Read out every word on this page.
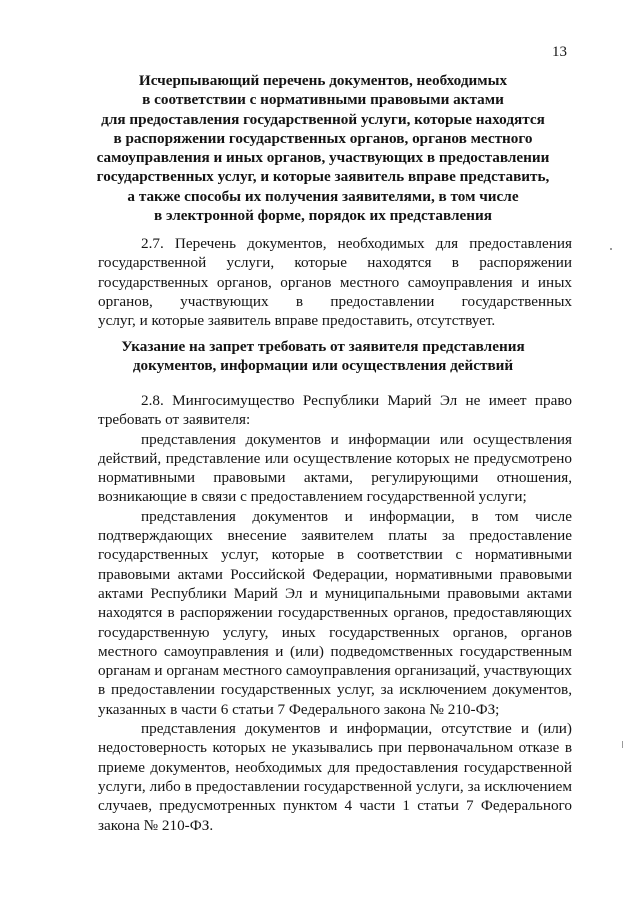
13
Исчерпывающий перечень документов, необходимых
в соответствии с нормативными правовыми актами
для предоставления государственной услуги, которые находятся
в распоряжении государственных органов, органов местного
самоуправления и иных органов, участвующих в предоставлении
государственных услуг, и которые заявитель вправе представить,
а также способы их получения заявителями, в том числе
в электронной форме, порядок их представления
2.7. Перечень документов, необходимых для предоставления
государственной услуги, которые находятся в распоряжении
государственных органов, органов местного самоуправления и иных
органов, участвующих в предоставлении государственных
услуг, и которые заявитель вправе предоставить, отсутствует.
Указание на запрет требовать от заявителя представления
документов, информации или осуществления действий
2.8. Мингосимущество Республики Марий Эл не имеет право
требовать от заявителя:
представления документов и информации или осуществления
действий, представление или осуществление которых не предусмотрено
нормативными правовыми актами, регулирующими отношения,
возникающие в связи с предоставлением государственной услуги;
представления документов и информации, в том числе
подтверждающих внесение заявителем платы за предоставление
государственных услуг, которые в соответствии с нормативными
правовыми актами Российской Федерации, нормативными правовыми
актами Республики Марий Эл и муниципальными правовыми актами
находятся в распоряжении государственных органов, предоставляющих
государственную услугу, иных государственных органов, органов
местного самоуправления и (или) подведомственных государственным
органам и органам местного самоуправления организаций, участвующих
в предоставлении государственных услуг, за исключением документов,
указанных в части 6 статьи 7 Федерального закона № 210-ФЗ;
представления документов и информации, отсутствие и (или)
недостоверность которых не указывались при первоначальном отказе в
приеме документов, необходимых для предоставления государственной
услуги, либо в предоставлении государственной услуги, за исключением
случаев, предусмотренных пунктом 4 части 1 статьи 7 Федерального
закона № 210-ФЗ.
